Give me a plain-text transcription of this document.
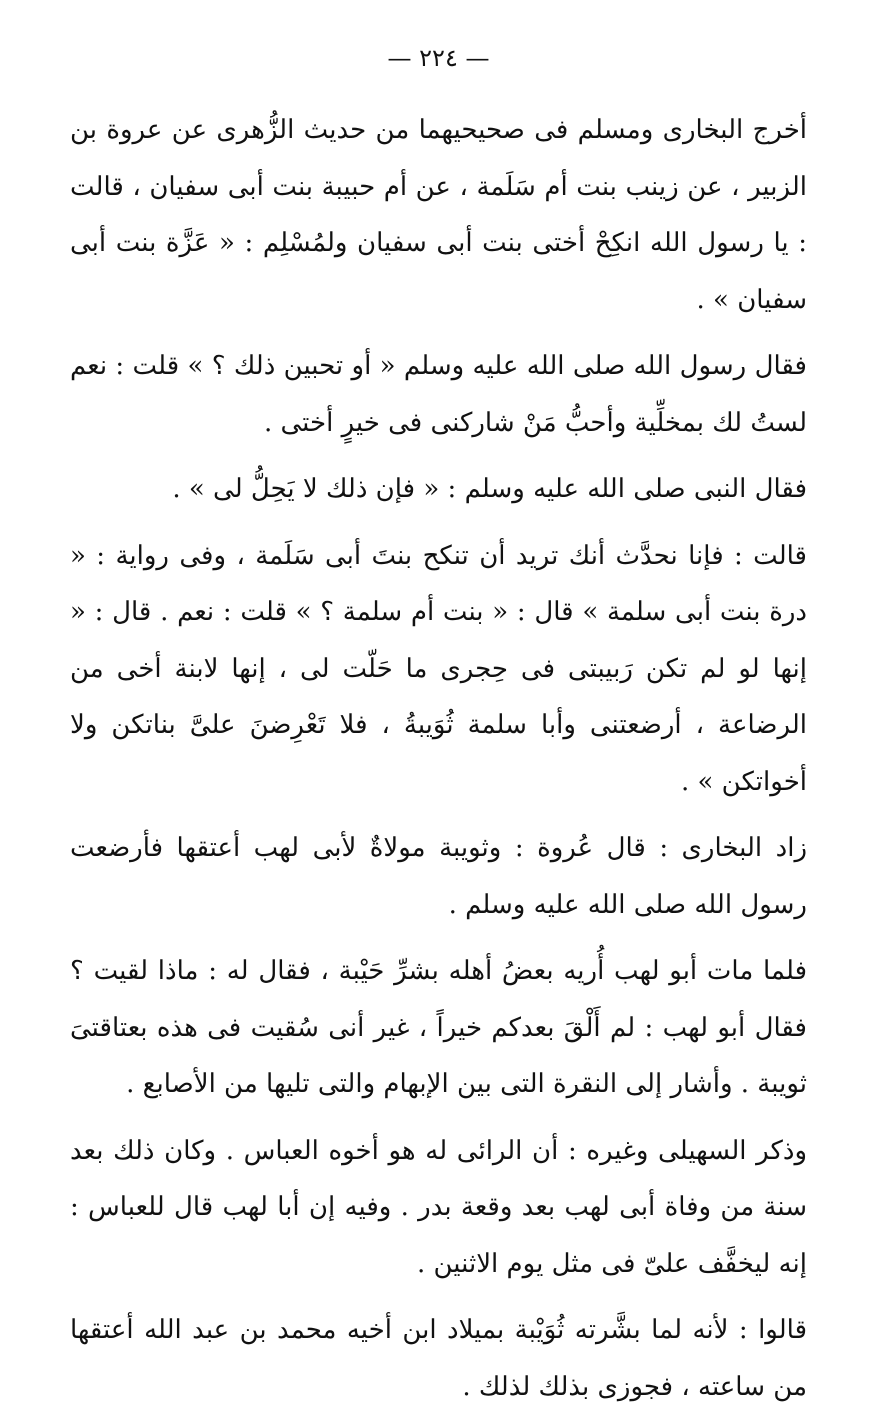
— ٢٢٤ —

أخرج البخارى ومسلم فى صحيحيهما من حديث الزُّهرى عن عروة بن الزبير ، عن زينب بنت أم سَلَمة ، عن أم حبيبة بنت أبى سفيان ، قالت : يا رسول الله انكِحْ أختى بنت أبى سفيان ولمُسْلِم : « عَزَّة بنت أبى سفيان » .

فقال رسول الله صلى الله عليه وسلم « أو تحبين ذلك ؟ » قلت : نعم لستُ لك بمخلِّية وأحبُّ مَنْ شاركنى فى خيرٍ أختى .

فقال النبى صلى الله عليه وسلم : « فإن ذلك لا يَحِلُّ لى » .

قالت : فإنا نحدَّث أنك تريد أن تنكح بنتَ أبى سَلَمة ، وفى رواية : « درة بنت أبى سلمة » قال : « بنت أم سلمة ؟ » قلت : نعم . قال : « إنها لو لم تكن رَبيبتى فى حِجرى ما حَلّت لى ، إنها لابنة أخى من الرضاعة ، أرضعتنى وأبا سلمة ثُوَيبةُ ، فلا تَعْرِضنَ علىَّ بناتكن ولا أخواتكن » .

زاد البخارى : قال عُروة : وثويبة مولاةٌ لأبى لهب أعتقها فأرضعت رسول الله صلى الله عليه وسلم .

فلما مات أبو لهب أُريه بعضُ أهله بشرِّ حَيْبة ، فقال له : ماذا لقيت ؟ فقال أبو لهب : لم أَلْقَ بعدكم خيراً ، غير أنى سُقيت فى هذه بعتاقتىَ ثويبة . وأشار إلى النقرة التى بين الإبهام والتى تليها من الأصابع .

وذكر السهيلى وغيره : أن الرائى له هو أخوه العباس . وكان ذلك بعد سنة من وفاة أبى لهب بعد وقعة بدر . وفيه إن أبا لهب قال للعباس : إنه ليخفَّف علىّ فى مثل يوم الاثنين .

قالوا : لأنه لما بشَّرته ثُوَيْبة بميلاد ابن أخيه محمد بن عبد الله أعتقها من ساعته ، فجوزى بذلك لذلك .
